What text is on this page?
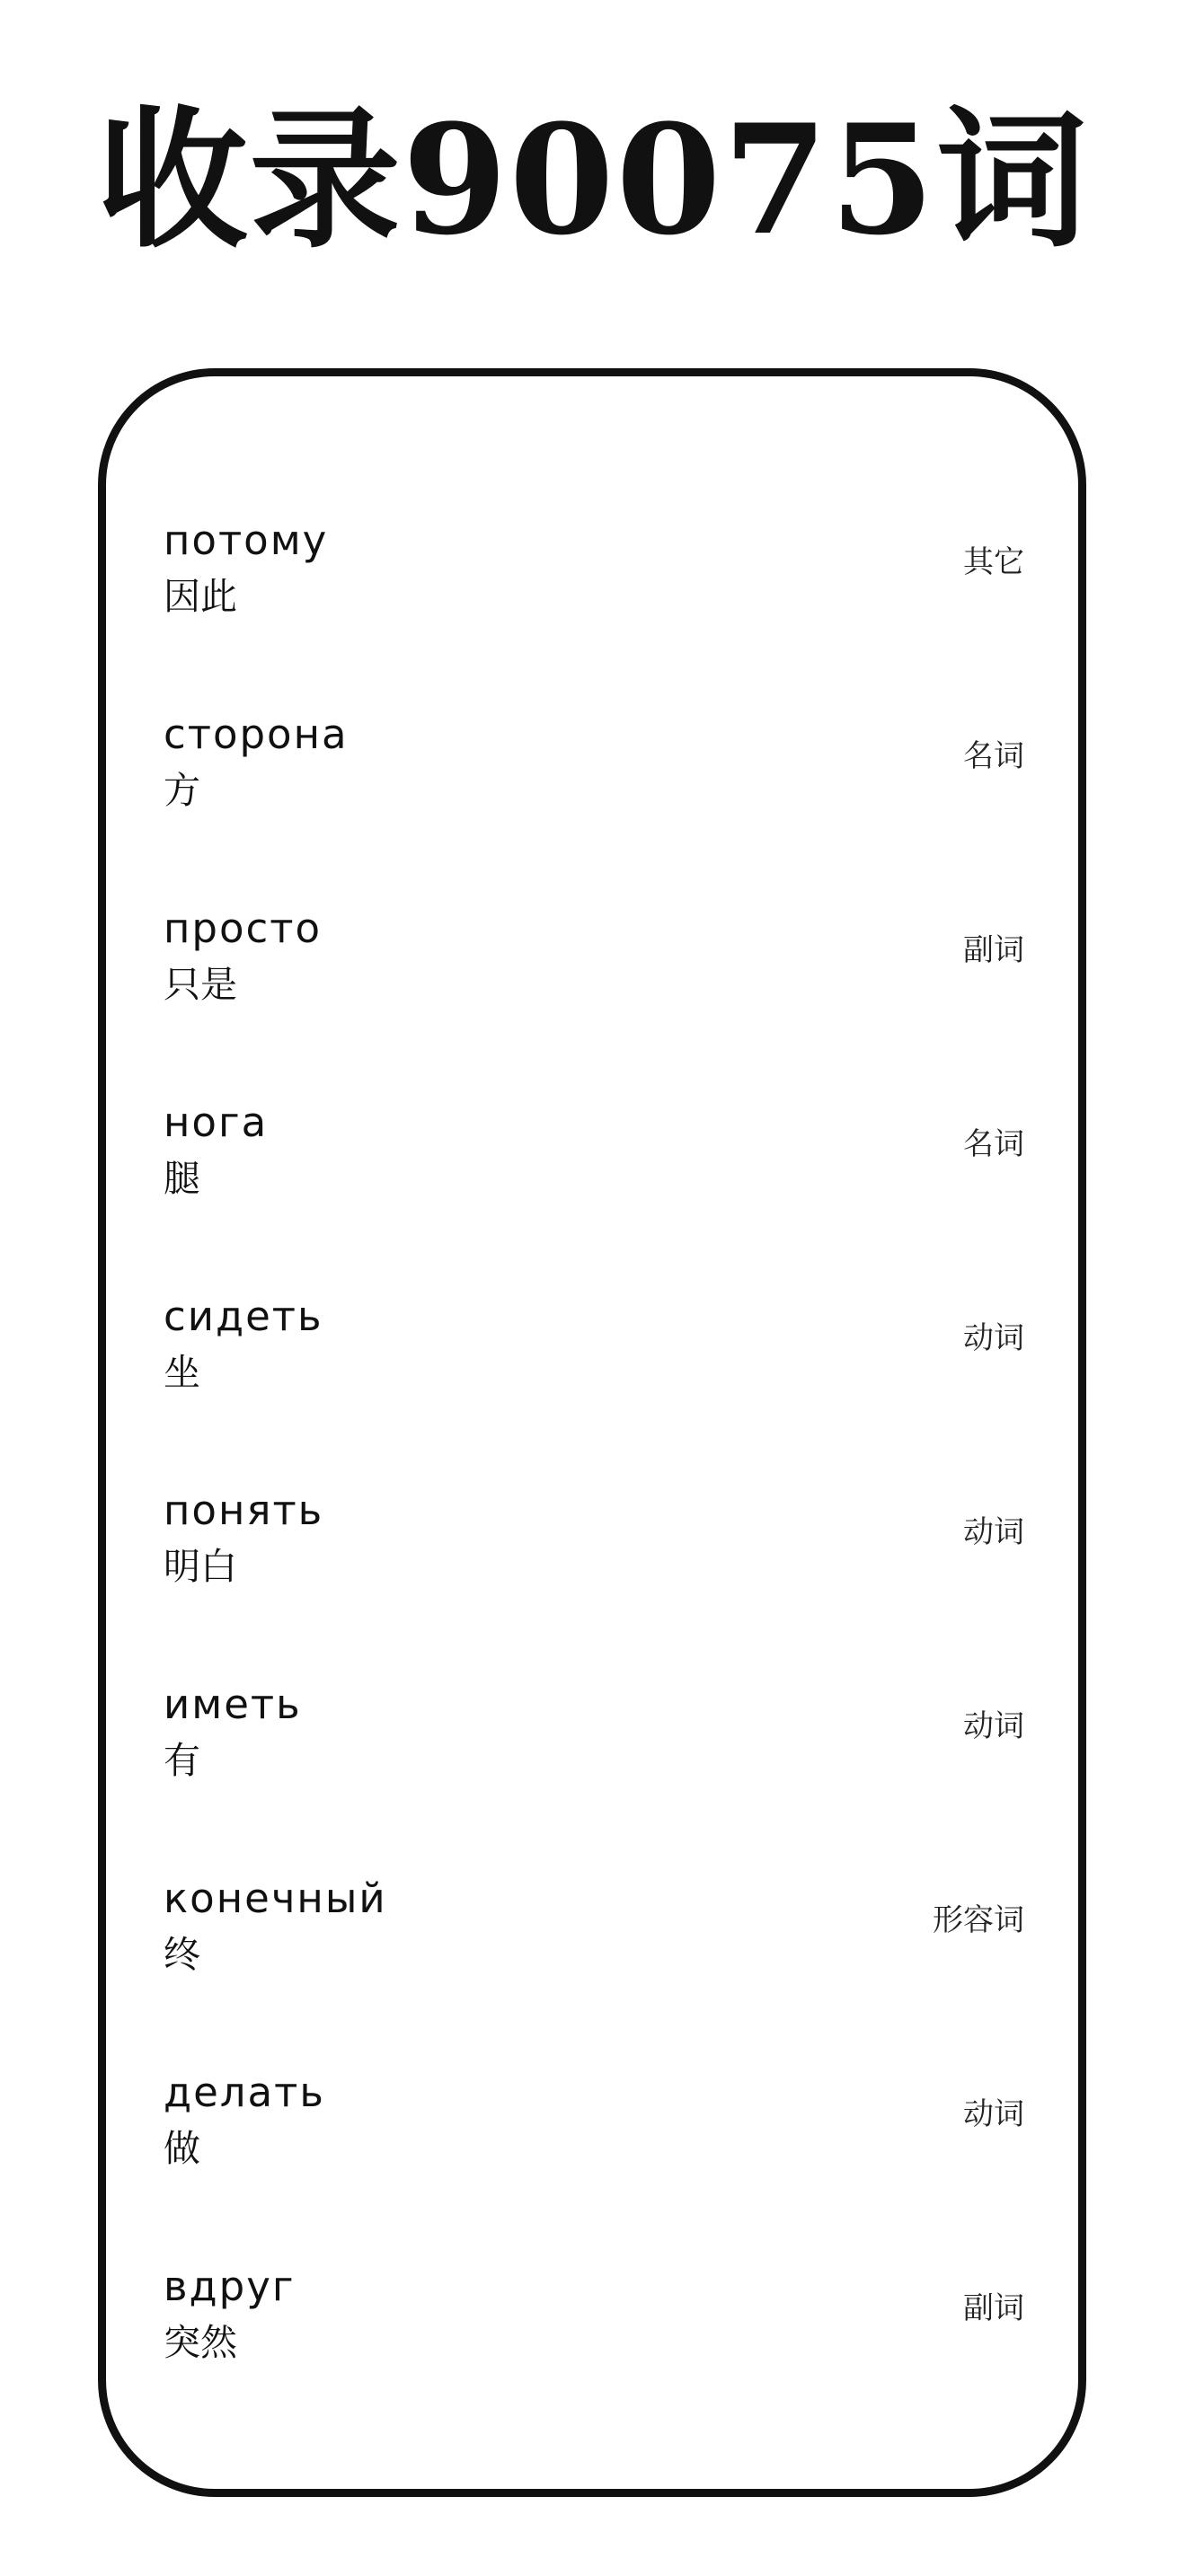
收录90075词
потому
因此
其它
сторона
方
名词
просто
只是
副词
нога
腿
名词
сидеть
坐
动词
понять
明白
动词
иметь
有
动词
конечный
终
形容词
делать
做
动词
вдруг
突然
副词
